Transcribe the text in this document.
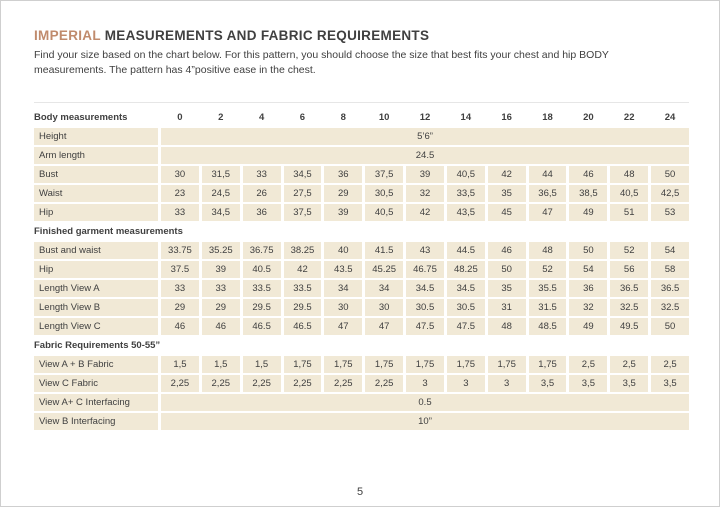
IMPERIAL MEASUREMENTS AND FABRIC REQUIREMENTS

Find your size based on the chart below. For this pattern, you should choose the size that best fits your chest and hip BODY
measurements. The pattern has 4”positive ease in the chest.

Body measurements	0	2	4	6	8	10	12	14	16	18	20	22	24
Height	5’6”
Arm length	24.5
Bust	30	31,5	33	34,5	36	37,5	39	40,5	42	44	46	48	50
Waist	23	24,5	26	27,5	29	30,5	32	33,5	35	36,5	38,5	40,5	42,5
Hip	33	34,5	36	37,5	39	40,5	42	43,5	45	47	49	51	53
Finished garment measurements
Bust and waist	33.75	35.25	36.75	38.25	40	41.5	43	44.5	46	48	50	52	54
Hip	37.5	39	40.5	42	43.5	45.25	46.75	48.25	50	52	54	56	58
Length View A	33	33	33.5	33.5	34	34	34.5	34.5	35	35.5	36	36.5	36.5
Length View B	29	29	29.5	29.5	30	30	30.5	30.5	31	31.5	32	32.5	32.5
Length View C	46	46	46.5	46.5	47	47	47.5	47.5	48	48.5	49	49.5	50
Fabric Requirements 50-55”
View A + B Fabric	1,5	1,5	1,5	1,75	1,75	1,75	1,75	1,75	1,75	1,75	2,5	2,5	2,5
View C Fabric	2,25	2,25	2,25	2,25	2,25	2,25	3	3	3	3,5	3,5	3,5	3,5
View A+ C Interfacing	0.5
View B Interfacing	10”
5
